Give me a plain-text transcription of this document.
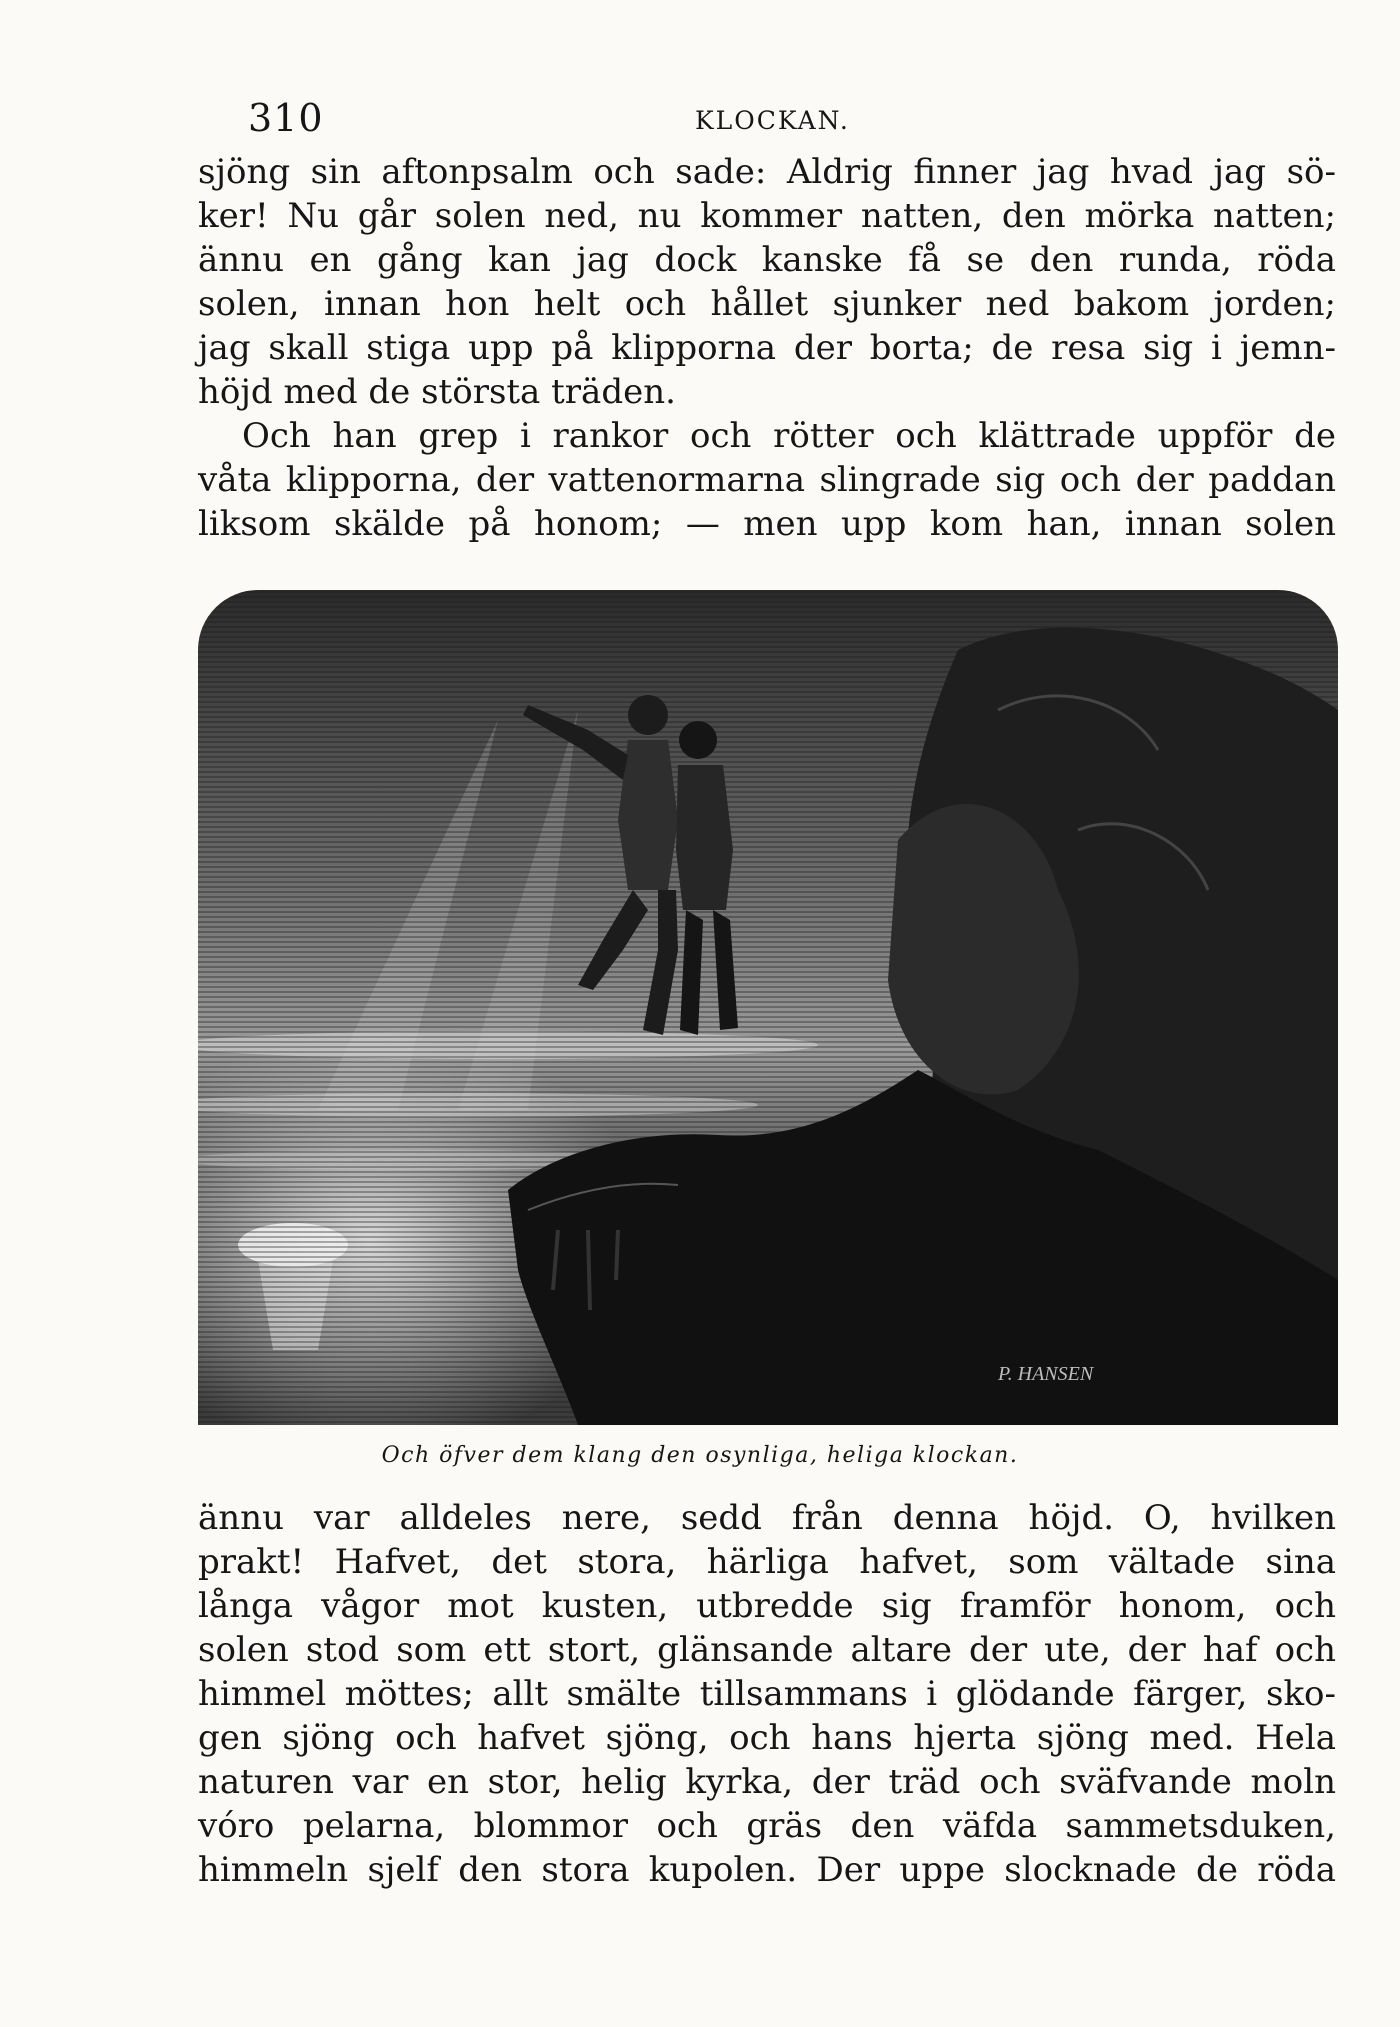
310	KLOCKAN.
sjöng sin aftonpsalm och sade: Aldrig finner jag hvad jag sö-
ker! Nu går solen ned, nu kommer natten, den mörka natten;
ännu en gång kan jag dock kanske få se den runda, röda
solen, innan hon helt och hållet sjunker ned bakom jorden;
jag skall stiga upp på klipporna der borta; de resa sig i jemn-
höjd med de största träden.
Och han grep i rankor och rötter och klättrade uppför de
våta klipporna, der vattenormarna slingrade sig och der paddan
liksom skälde på honom; — men upp kom han, innan solen
P. HANSEN
Och öfver dem klang den osynliga, heliga klockan.
ännu var alldeles nere, sedd från denna höjd. O, hvilken
prakt! Hafvet, det stora, härliga hafvet, som vältade sina
långa vågor mot kusten, utbredde sig framför honom, och
solen stod som ett stort, glänsande altare der ute, der haf och
himmel möttes; allt smälte tillsammans i glödande färger, sko-
gen sjöng och hafvet sjöng, och hans hjerta sjöng med. Hela
naturen var en stor, helig kyrka, der träd och sväfvande moln
vóro pelarna, blommor och gräs den väfda sammetsduken,
himmeln sjelf den stora kupolen. Der uppe slocknade de röda
